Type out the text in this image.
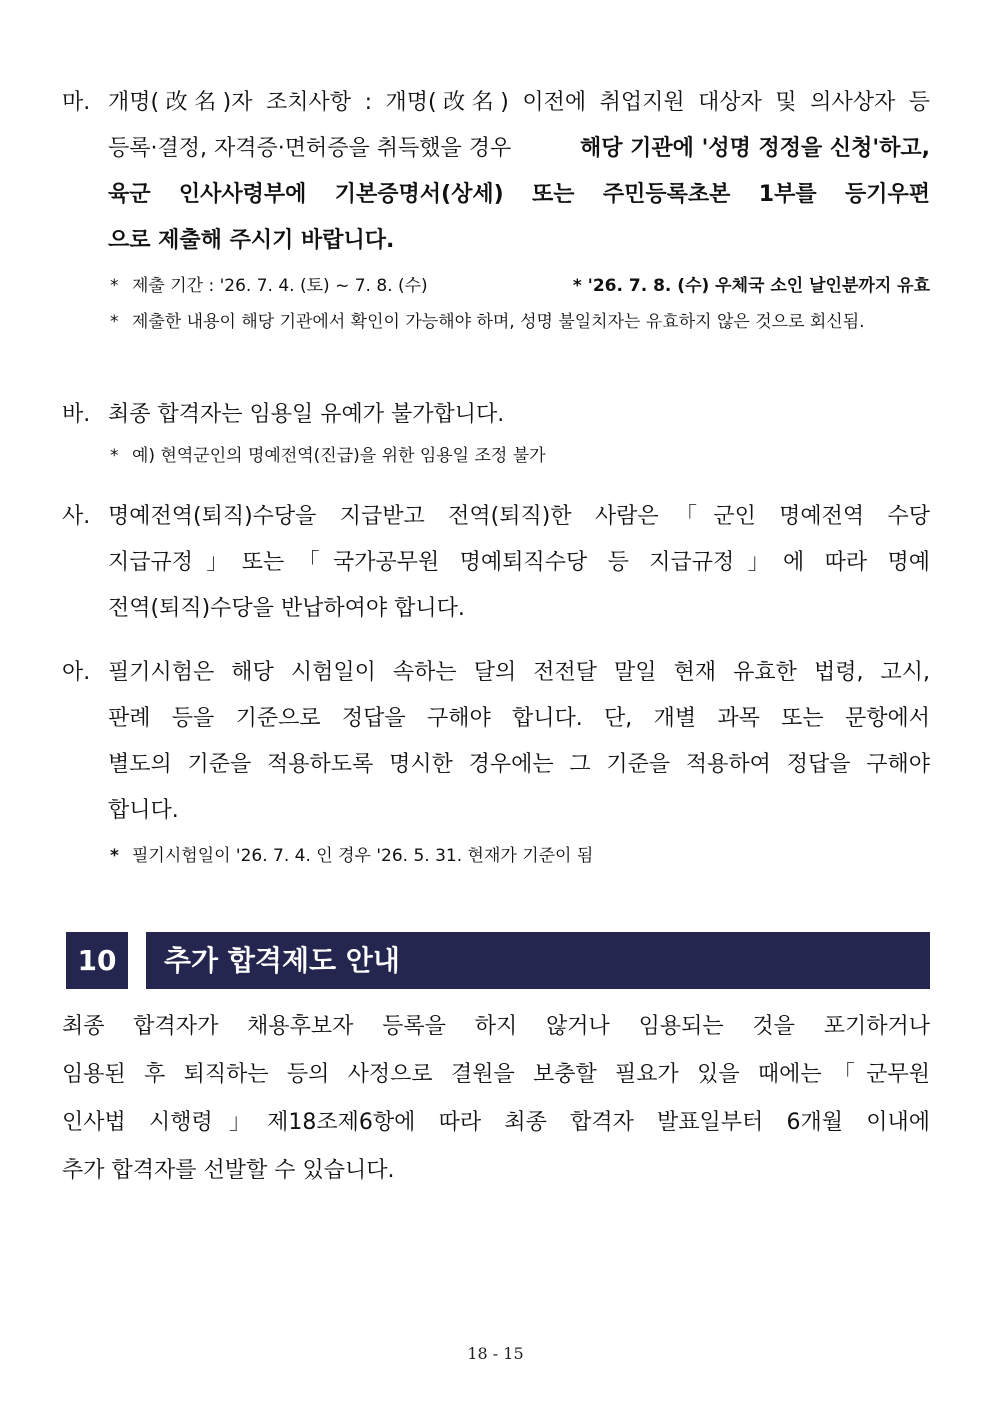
마. 개명(改名)자 조치사항 : 개명(改名) 이전에 취업지원 대상자 및 의사상자 등
등록·결정, 자격증·면허증을 취득했을 경우	해당 기관에 '성명 정정을 신청'하고,
육군 인사사령부에 기본증명서(상세) 또는 주민등록초본 1부를 등기우편
으로 제출해 주시기 바랍니다.
* 제출 기간 : '26. 7. 4. (토) ~ 7. 8. (수)	* '26. 7. 8. (수) 우체국 소인 날인분까지 유효
* 제출한 내용이 해당 기관에서 확인이 가능해야 하며, 성명 불일치자는 유효하지 않은 것으로 회신됨.
바. 최종 합격자는 임용일 유예가 불가합니다.
* 예) 현역군인의 명예전역(진급)을 위한 임용일 조정 불가
사. 명예전역(퇴직)수당을 지급받고 전역(퇴직)한 사람은「군인 명예전역 수당
지급규정」또는「국가공무원 명예퇴직수당 등 지급규정」에 따라 명예
전역(퇴직)수당을 반납하여야 합니다.
아. 필기시험은 해당 시험일이 속하는 달의 전전달 말일 현재 유효한 법령, 고시,
판례 등을 기준으로 정답을 구해야 합니다. 단, 개별 과목 또는 문항에서
별도의 기준을 적용하도록 명시한 경우에는 그 기준을 적용하여 정답을 구해야
합니다.
* 필기시험일이 '26. 7. 4. 인 경우 '26. 5. 31. 현재가 기준이 됨
10	추가 합격제도 안내
최종 합격자가 채용후보자 등록을 하지 않거나 임용되는 것을 포기하거나
임용된 후 퇴직하는 등의 사정으로 결원을 보충할 필요가 있을 때에는「군무원
인사법 시행령」제18조제6항에 따라 최종 합격자 발표일부터 6개월 이내에
추가 합격자를 선발할 수 있습니다.
18 - 15
